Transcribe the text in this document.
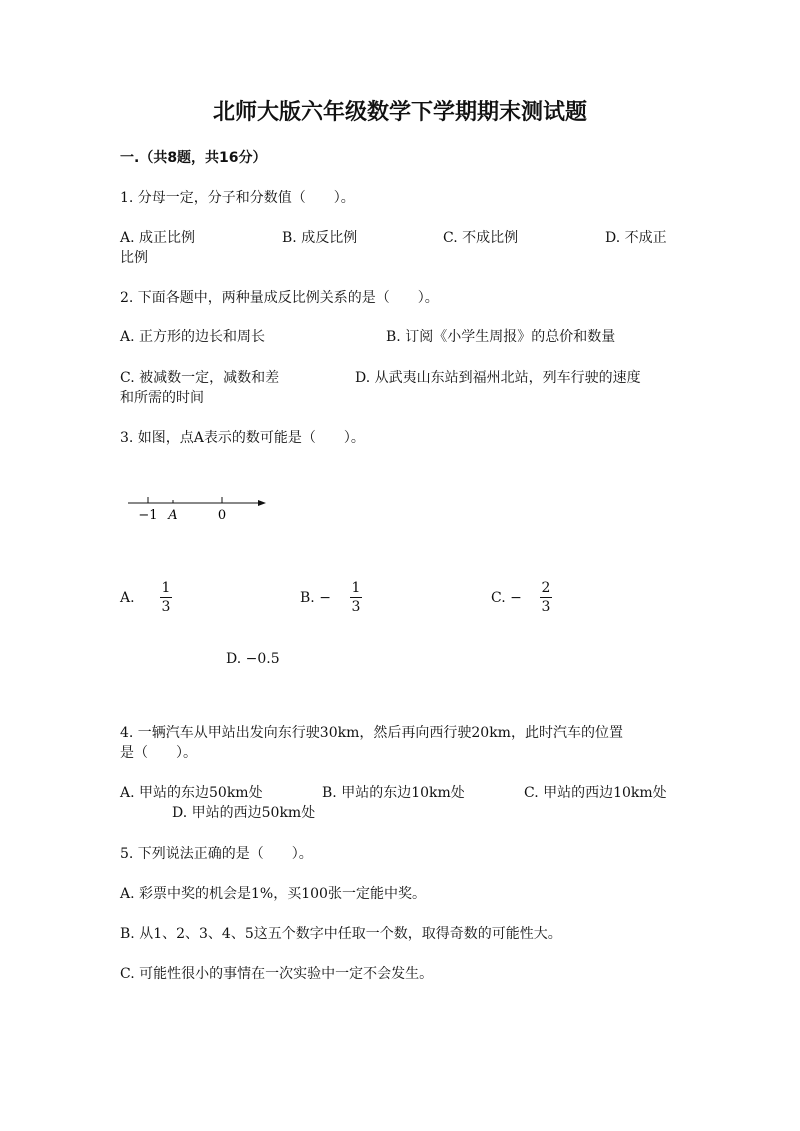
北师大版六年级数学下学期期末测试题
一.（共8题，共16分）
1. 分母一定，分子和分数值（　　）。
A. 成正比例	B. 成反比例	C. 不成比例	D. 不成正
比例
2. 下面各题中，两种量成反比例关系的是（　　）。
A. 正方形的边长和周长	B. 订阅《小学生周报》的总价和数量
C. 被减数一定，减数和差	D. 从武夷山东站到福州北站，列车行驶的速度
和所需的时间
3. 如图，点A表示的数可能是（　　）。
−1 A	0
A.
1
3
B. −
1
3
C. −
2
3
D. −0.5
4. 一辆汽车从甲站出发向东行驶30km，然后再向西行驶20km，此时汽车的位置
是（　　）。
A. 甲站的东边50km处	B. 甲站的东边10km处	C. 甲站的西边10km处
D. 甲站的西边50km处
5. 下列说法正确的是（　　）。
A. 彩票中奖的机会是1%，买100张一定能中奖。
B. 从1、2、3、4、5这五个数字中任取一个数，取得奇数的可能性大。
C. 可能性很小的事情在一次实验中一定不会发生。
